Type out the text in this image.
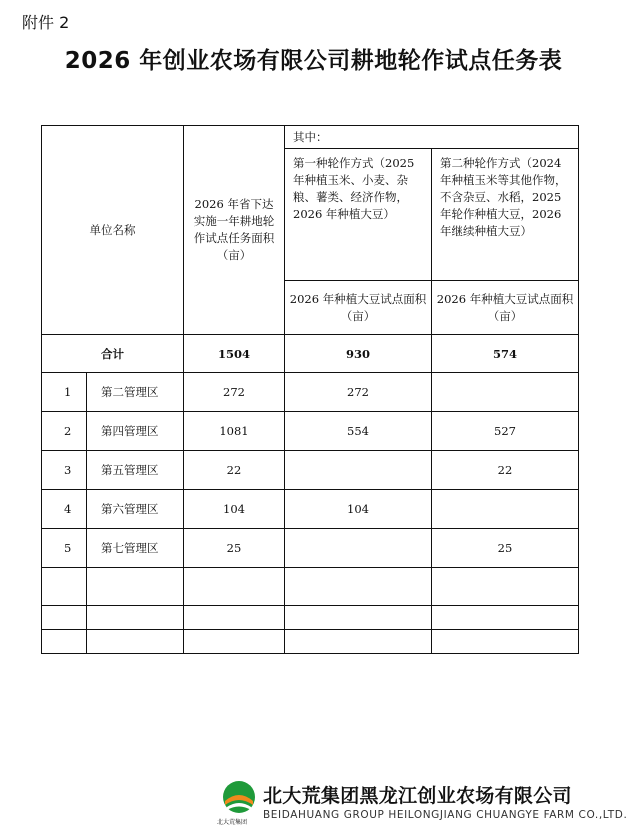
附件 2
2026 年创业农场有限公司耕地轮作试点任务表
单位名称		2026 年省下达实施一年耕地轮作试点任务面积（亩）	其中：	
			第一种轮作方式（2025 年种植玉米、小麦、杂粮、薯类、经济作物，2026 年种植大豆）	第二种轮作方式（2024 年种植玉米等其他作物，不含杂豆、水稻，2025 年轮作种植大豆，2026 年继续种植大豆）
			2026 年种植大豆试点面积（亩）	2026 年种植大豆试点面积（亩）
合计		1504	930	574
1	第二管理区	272	272	
2	第四管理区	1081	554	527
3	第五管理区	22		22
4	第六管理区	104	104	
5	第七管理区	25		25

北大荒集团
北大荒集团黑龙江创业农场有限公司
BEIDAHUANG GROUP HEILONGJIANG CHUANGYE FARM CO.,LTD.
